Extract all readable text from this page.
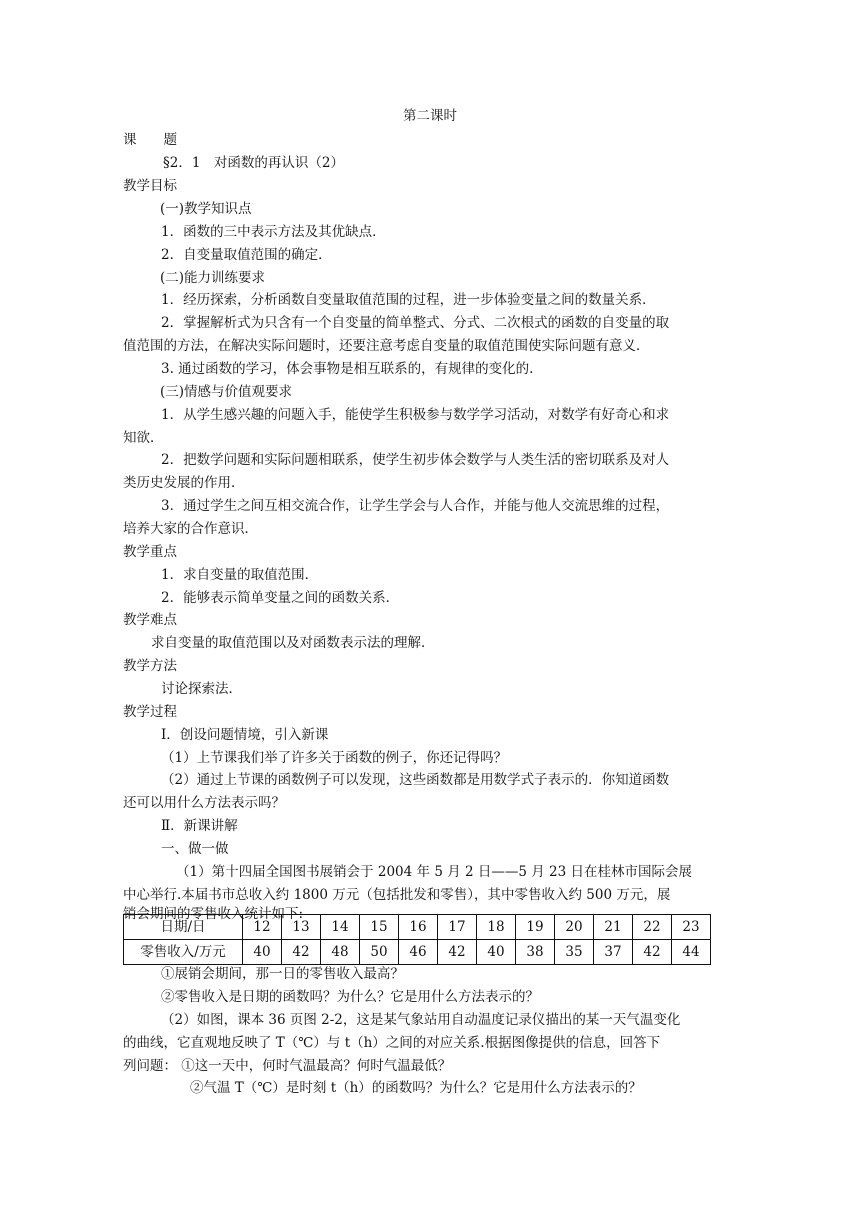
第二课时
课　　题
§2．1　对函数的再认识（2）
教学目标
(一)教学知识点
1．函数的三中表示方法及其优缺点．
2．自变量取值范围的确定．
(二)能力训练要求
1．经历探索，分析函数自变量取值范围的过程，进一步体验变量之间的数量关系．
2．掌握解析式为只含有一个自变量的简单整式、分式、二次根式的函数的自变量的取
值范围的方法，在解决实际问题时，还要注意考虑自变量的取值范围使实际问题有意义．
3. 通过函数的学习，体会事物是相互联系的，有规律的变化的.
(三)情感与价值观要求
1．从学生感兴趣的问题入手，能使学生积极参与数学学习活动，对数学有好奇心和求
知欲．
2．把数学问题和实际问题相联系，使学生初步体会数学与人类生活的密切联系及对人
类历史发展的作用．
3．通过学生之间互相交流合作，让学生学会与人合作，并能与他人交流思维的过程，
培养大家的合作意识．
教学重点
1．求自变量的取值范围．
2．能够表示简单变量之间的函数关系．
教学难点
求自变量的取值范围以及对函数表示法的理解．
教学方法
讨论探索法．
教学过程
Ⅰ．创设问题情境，引入新课
（1）上节课我们举了许多关于函数的例子，你还记得吗？
（2）通过上节课的函数例子可以发现，这些函数都是用数学式子表示的．你知道函数
还可以用什么方法表示吗？
Ⅱ．新课讲解
一、做一做
（1）第十四届全国图书展销会于 2004 年 5 月 2 日——5 月 23 日在桂林市国际会展
中心举行.本届书市总收入约 1800 万元（包括批发和零售），其中零售收入约 500 万元，展
销会期间的零售收入统计如下:
日期/日	12	13	14	15	16	17	18	19	20	21	22	23
零售收入/万元	40	42	48	50	46	42	40	38	35	37	42	44
①展销会期间，那一日的零售收入最高？
②零售收入是日期的函数吗？为什么？它是用什么方法表示的？
（2）如图，课本 36 页图 2-2，这是某气象站用自动温度记录仪描出的某一天气温变化
的曲线，它直观地反映了 T（℃）与 t（h）之间的对应关系.根据图像提供的信息，回答下
列问题： ①这一天中，何时气温最高？何时气温最低？
②气温 T（℃）是时刻 t（h）的函数吗？为什么？它是用什么方法表示的？
